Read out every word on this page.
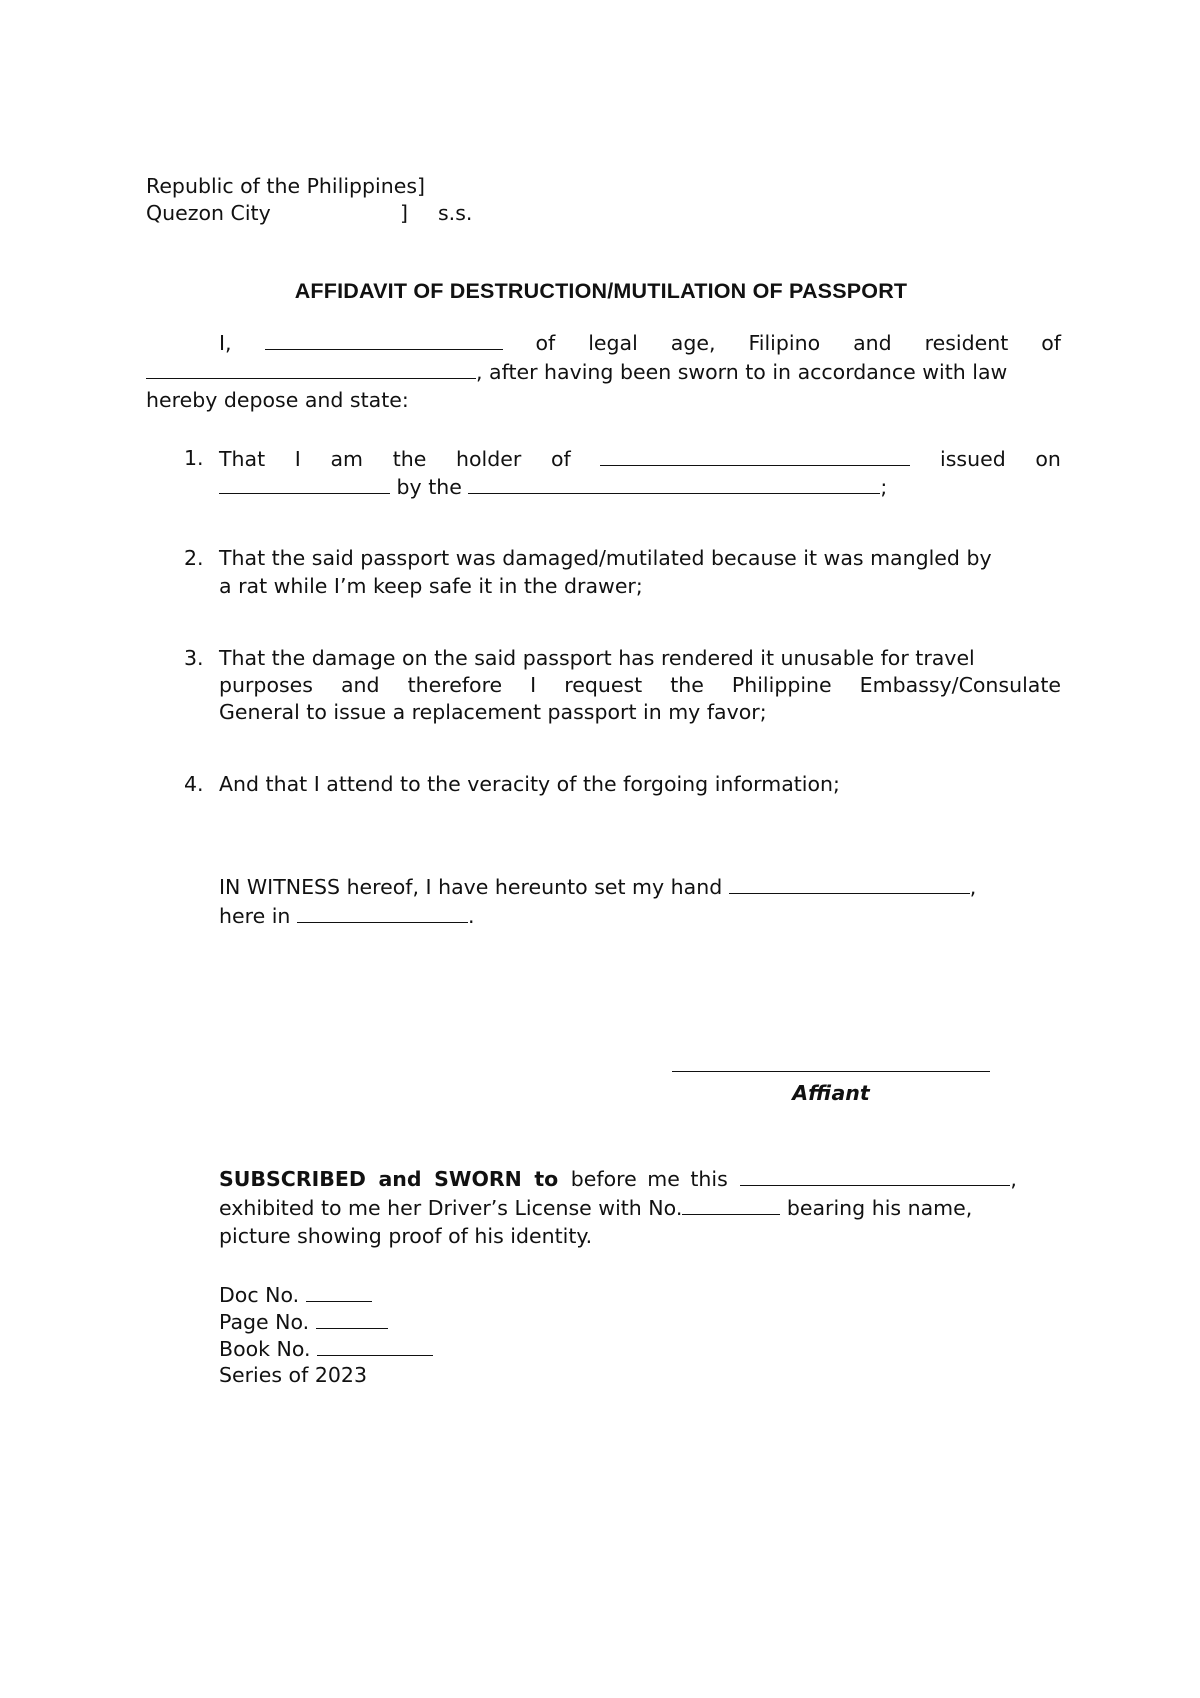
Republic of the Philippines]
Quezon City	] s.s.
AFFIDAVIT OF DESTRUCTION/MUTILATION OF PASSPORT
I,	of legal age, Filipino and resident of
, after having been sworn to in accordance with law
hereby depose and state:
1. That I am the holder of	issued on
by the	;
2. That the said passport was damaged/mutilated because it was mangled by
a rat while I’m keep safe it in the drawer;
3. That the damage on the said passport has rendered it unusable for travel
purposes and therefore I request the Philippine Embassy/Consulate
General to issue a replacement passport in my favor;
4. And that I attend to the veracity of the forgoing information;
IN WITNESS hereof, I have hereunto set my hand	,
here in	.
Affiant
SUBSCRIBED and SWORN to before me this	,
exhibited to me her Driver’s License with No.	bearing his name,
picture showing proof of his identity.
Doc No.
Page No.
Book No.
Series of 2023
